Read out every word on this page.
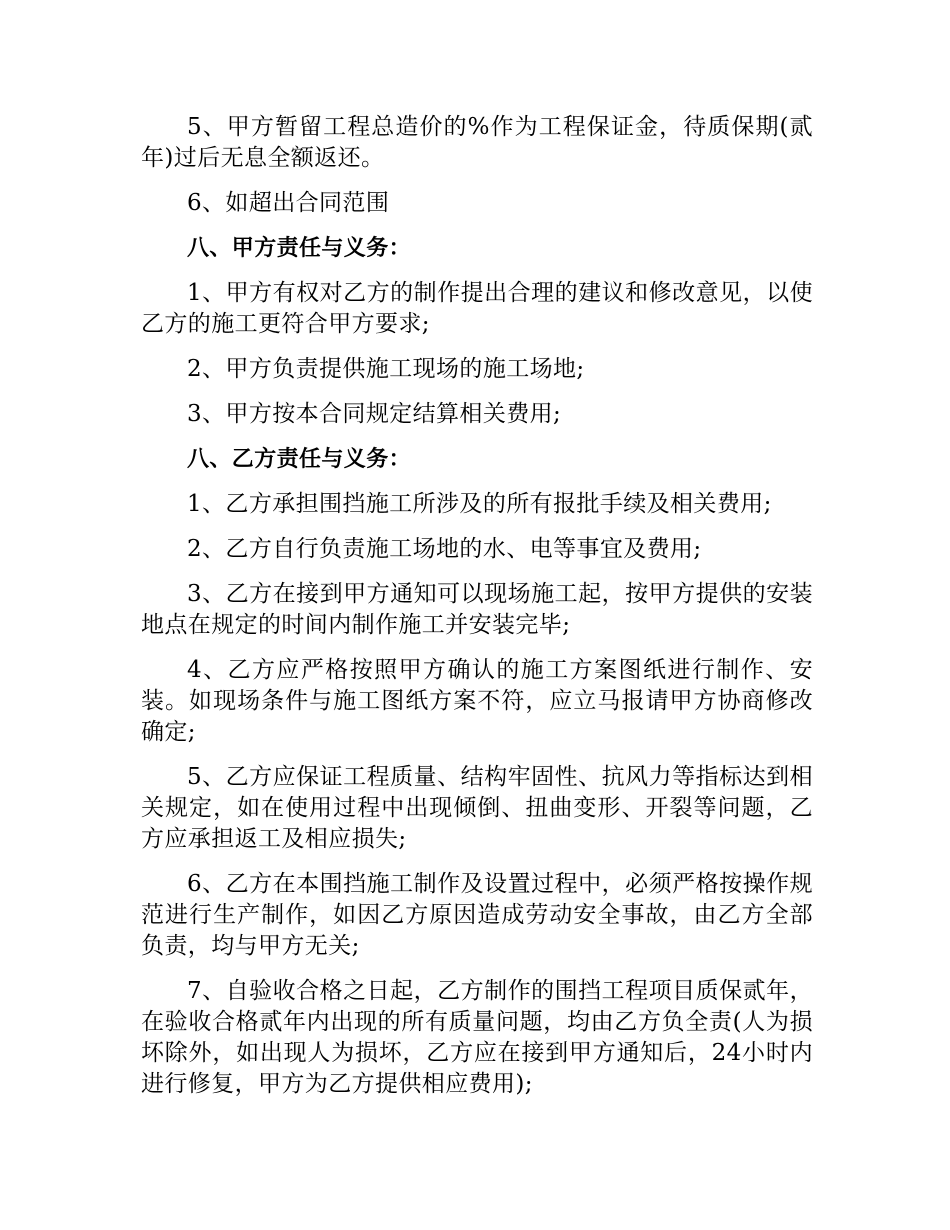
5、甲方暂留工程总造价的%作为工程保证金，待质保期(贰年)过后无息全额返还。

6、如超出合同范围

八、甲方责任与义务：

1、甲方有权对乙方的制作提出合理的建议和修改意见，以使乙方的施工更符合甲方要求;

2、甲方负责提供施工现场的施工场地;

3、甲方按本合同规定结算相关费用;

八、乙方责任与义务：

1、乙方承担围挡施工所涉及的所有报批手续及相关费用;

2、乙方自行负责施工场地的水、电等事宜及费用;

3、乙方在接到甲方通知可以现场施工起，按甲方提供的安装地点在规定的时间内制作施工并安装完毕;

4、乙方应严格按照甲方确认的施工方案图纸进行制作、安装。如现场条件与施工图纸方案不符，应立马报请甲方协商修改确定;

5、乙方应保证工程质量、结构牢固性、抗风力等指标达到相关规定，如在使用过程中出现倾倒、扭曲变形、开裂等问题，乙方应承担返工及相应损失;

6、乙方在本围挡施工制作及设置过程中，必须严格按操作规范进行生产制作，如因乙方原因造成劳动安全事故，由乙方全部负责，均与甲方无关;

7、自验收合格之日起，乙方制作的围挡工程项目质保贰年，在验收合格贰年内出现的所有质量问题，均由乙方负全责(人为损坏除外，如出现人为损坏，乙方应在接到甲方通知后，24小时内进行修复，甲方为乙方提供相应费用);
